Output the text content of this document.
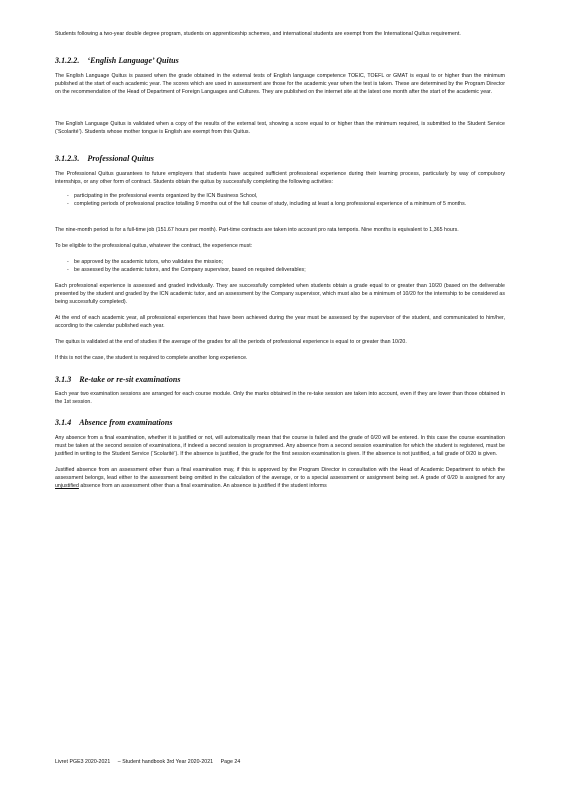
Students following a two-year double degree program, students on apprenticeship schemes, and international students are exempt from the International Quitus requirement.

3.1.2.2. ‘English Language’ Quitus

The English Language Quitus is passed when the grade obtained in the external tests of English language competence TOEIC, TOEFL or GMAT is equal to or higher than the minimum published at the start of each academic year. The scores which are used in assessment are those for the academic year when the test is taken. These are determined by the Program Director on the recommendation of the Head of Department of Foreign Languages and Cultures. They are published on the internet site at the latest one month after the start of the academic year.

The English Language Quitus is validated when a copy of the results of the external test, showing a score equal to or higher than the minimum required, is submitted to the Student Service (‘Scolarité’). Students whose mother tongue is English are exempt from this Quitus.

3.1.2.3. Professional Quitus

The Professional Quitus guarantees to future employers that students have acquired sufficient professional experience during their learning process, particularly by way of compulsory internships, or any other form of contract. Students obtain the quitus by successfully completing the following activities:

- participating in the professional events organized by the ICN Business School,
- completing periods of professional practice totalling 9 months out of the full course of study, including at least a long professional experience of a minimum of 5 months.

The nine-month period is for a full-time job (151.67 hours per month). Part-time contracts are taken into account pro rata temporis. Nine months is equivalent to 1,365 hours.

To be eligible to the professional quitus, whatever the contract, the experience must:

- be approved by the academic tutors, who validates the mission;
- be assessed by the academic tutors, and the Company supervisor, based on required deliverables;

Each professional experience is assessed and graded individually. They are successfully completed when students obtain a grade equal to or greater than 10/20 (based on the deliverable presented by the student and graded by the ICN academic tutor, and an assessment by the Company supervisor, which must also be a minimum of 10/20 for the internship to be considered as being successfully completed).

At the end of each academic year, all professional experiences that have been achieved during the year must be assessed by the supervisor of the student, and communicated to him/her, according to the calendar published each year.

The quitus is validated at the end of studies if the average of the grades for all the periods of professional experience is equal to or greater than 10/20.

If this is not the case, the student is required to complete another long experience.

3.1.3 Re-take or re-sit examinations

Each year two examination sessions are arranged for each course module. Only the marks obtained in the re-take session are taken into account, even if they are lower than those obtained in the 1st session.

3.1.4 Absence from examinations

Any absence from a final examination, whether it is justified or not, will automatically mean that the course is failed and the grade of 0/20 will be entered. In this case the course examination must be taken at the second session of examinations, if indeed a second session is programmed. Any absence from a second session examination for which the student is registered, must be justified in writing to the Student Service (‘Scolarité’). If the absence is justified, the grade for the first session examination is given. If the absence is not justified, a fail grade of 0/20 is given.

Justified absence from an assessment other than a final examination may, if this is approved by the Program Director in consultation with the Head of Academic Department to which the assessment belongs, lead either to the assessment being omitted in the calculation of the average, or to a special assessment or assignment being set. A grade of 0/20 is assigned for any unjustified absence from an assessment other than a final examination. An absence is justified if the student informs

Livret PGE3 2020-2021 – Student handbook 3rd Year 2020-2021 Page 24
